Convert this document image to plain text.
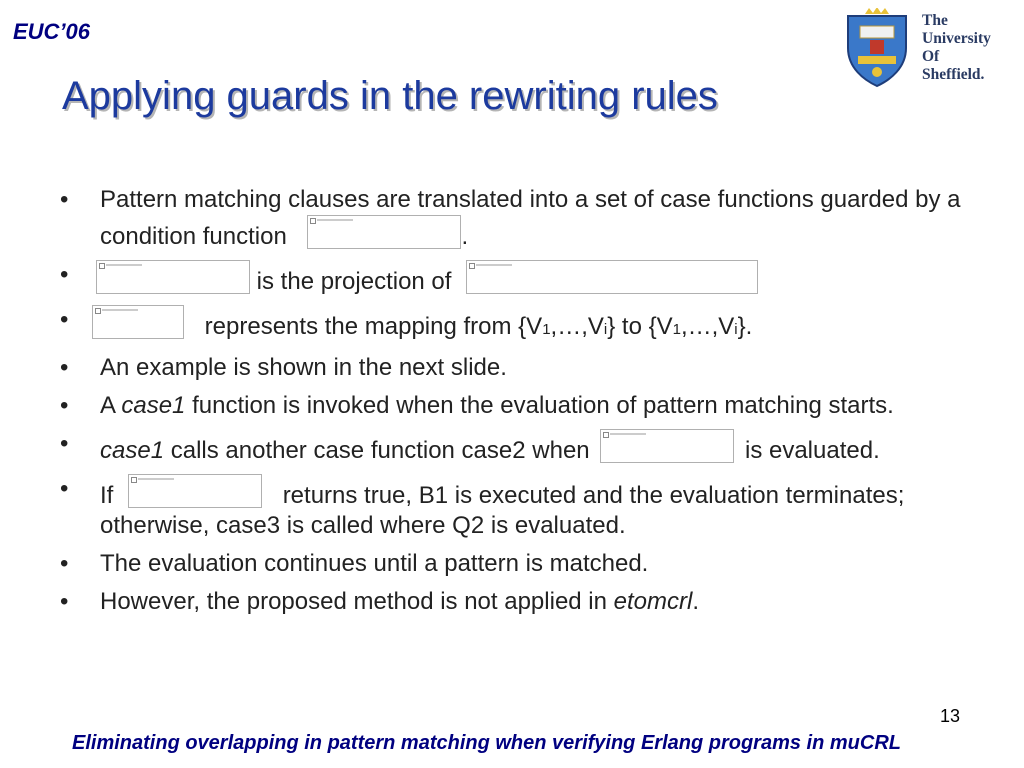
EUC’06
Applying guards in the rewriting rules
The
University
Of
Sheffield.
• Pattern matching clauses are translated into a set of case functions guarded by a condition function	.
•	is the projection of
•	represents the mapping from {V1,…,Vi} to {V1,…,Vi}.
• An example is shown in the next slide.
• A case1 function is invoked when the evaluation of pattern matching starts.
• case1 calls another case function case2 when	is evaluated.
• If	returns true, B1 is executed and the evaluation terminates; otherwise, case3 is called where Q2 is evaluated.
• The evaluation continues until a pattern is matched.
• However, the proposed method is not applied in etomcrl.
13
Eliminating overlapping in pattern matching when verifying Erlang programs in muCRL
